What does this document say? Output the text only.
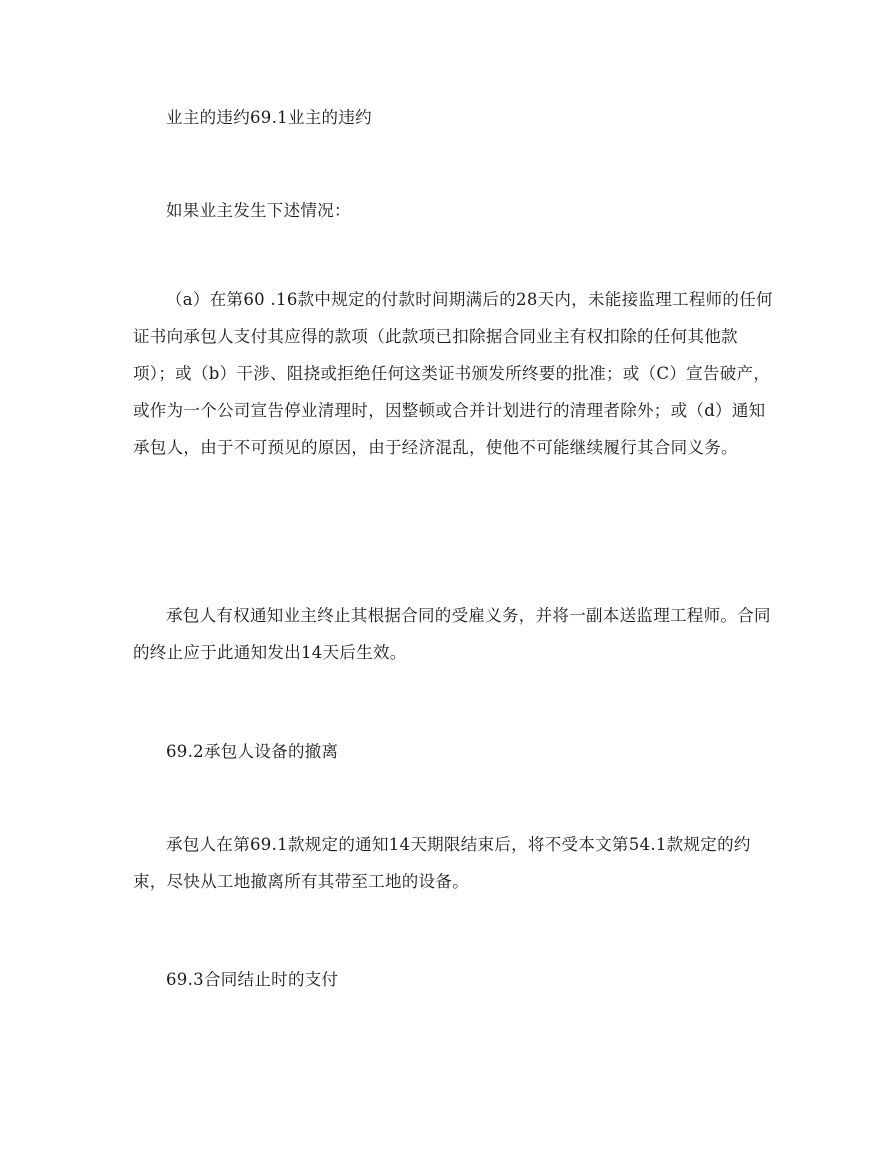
业主的违约69.1业主的违约

如果业主发生下述情况：

（a）在第60 .16款中规定的付款时间期满后的28天内，未能接监理工程师的任何证书向承包人支付其应得的款项（此款项已扣除据合同业主有权扣除的任何其他款项）；或（b）干涉、阻挠或拒绝任何这类证书颁发所终要的批准；或（C）宣告破产，或作为一个公司宣告停业清理时，因整顿或合并计划进行的清理者除外；或（d）通知承包人，由于不可预见的原因，由于经济混乱，使他不可能继续履行其合同义务。

承包人有权通知业主终止其根据合同的受雇义务，并将一副本送监理工程师。合同的终止应于此通知发出14天后生效。

69.2承包人设备的撤离

承包人在第69.1款规定的通知14天期限结束后，将不受本文第54.1款规定的约束，尽快从工地撤离所有其带至工地的设备。

69.3合同结止时的支付
